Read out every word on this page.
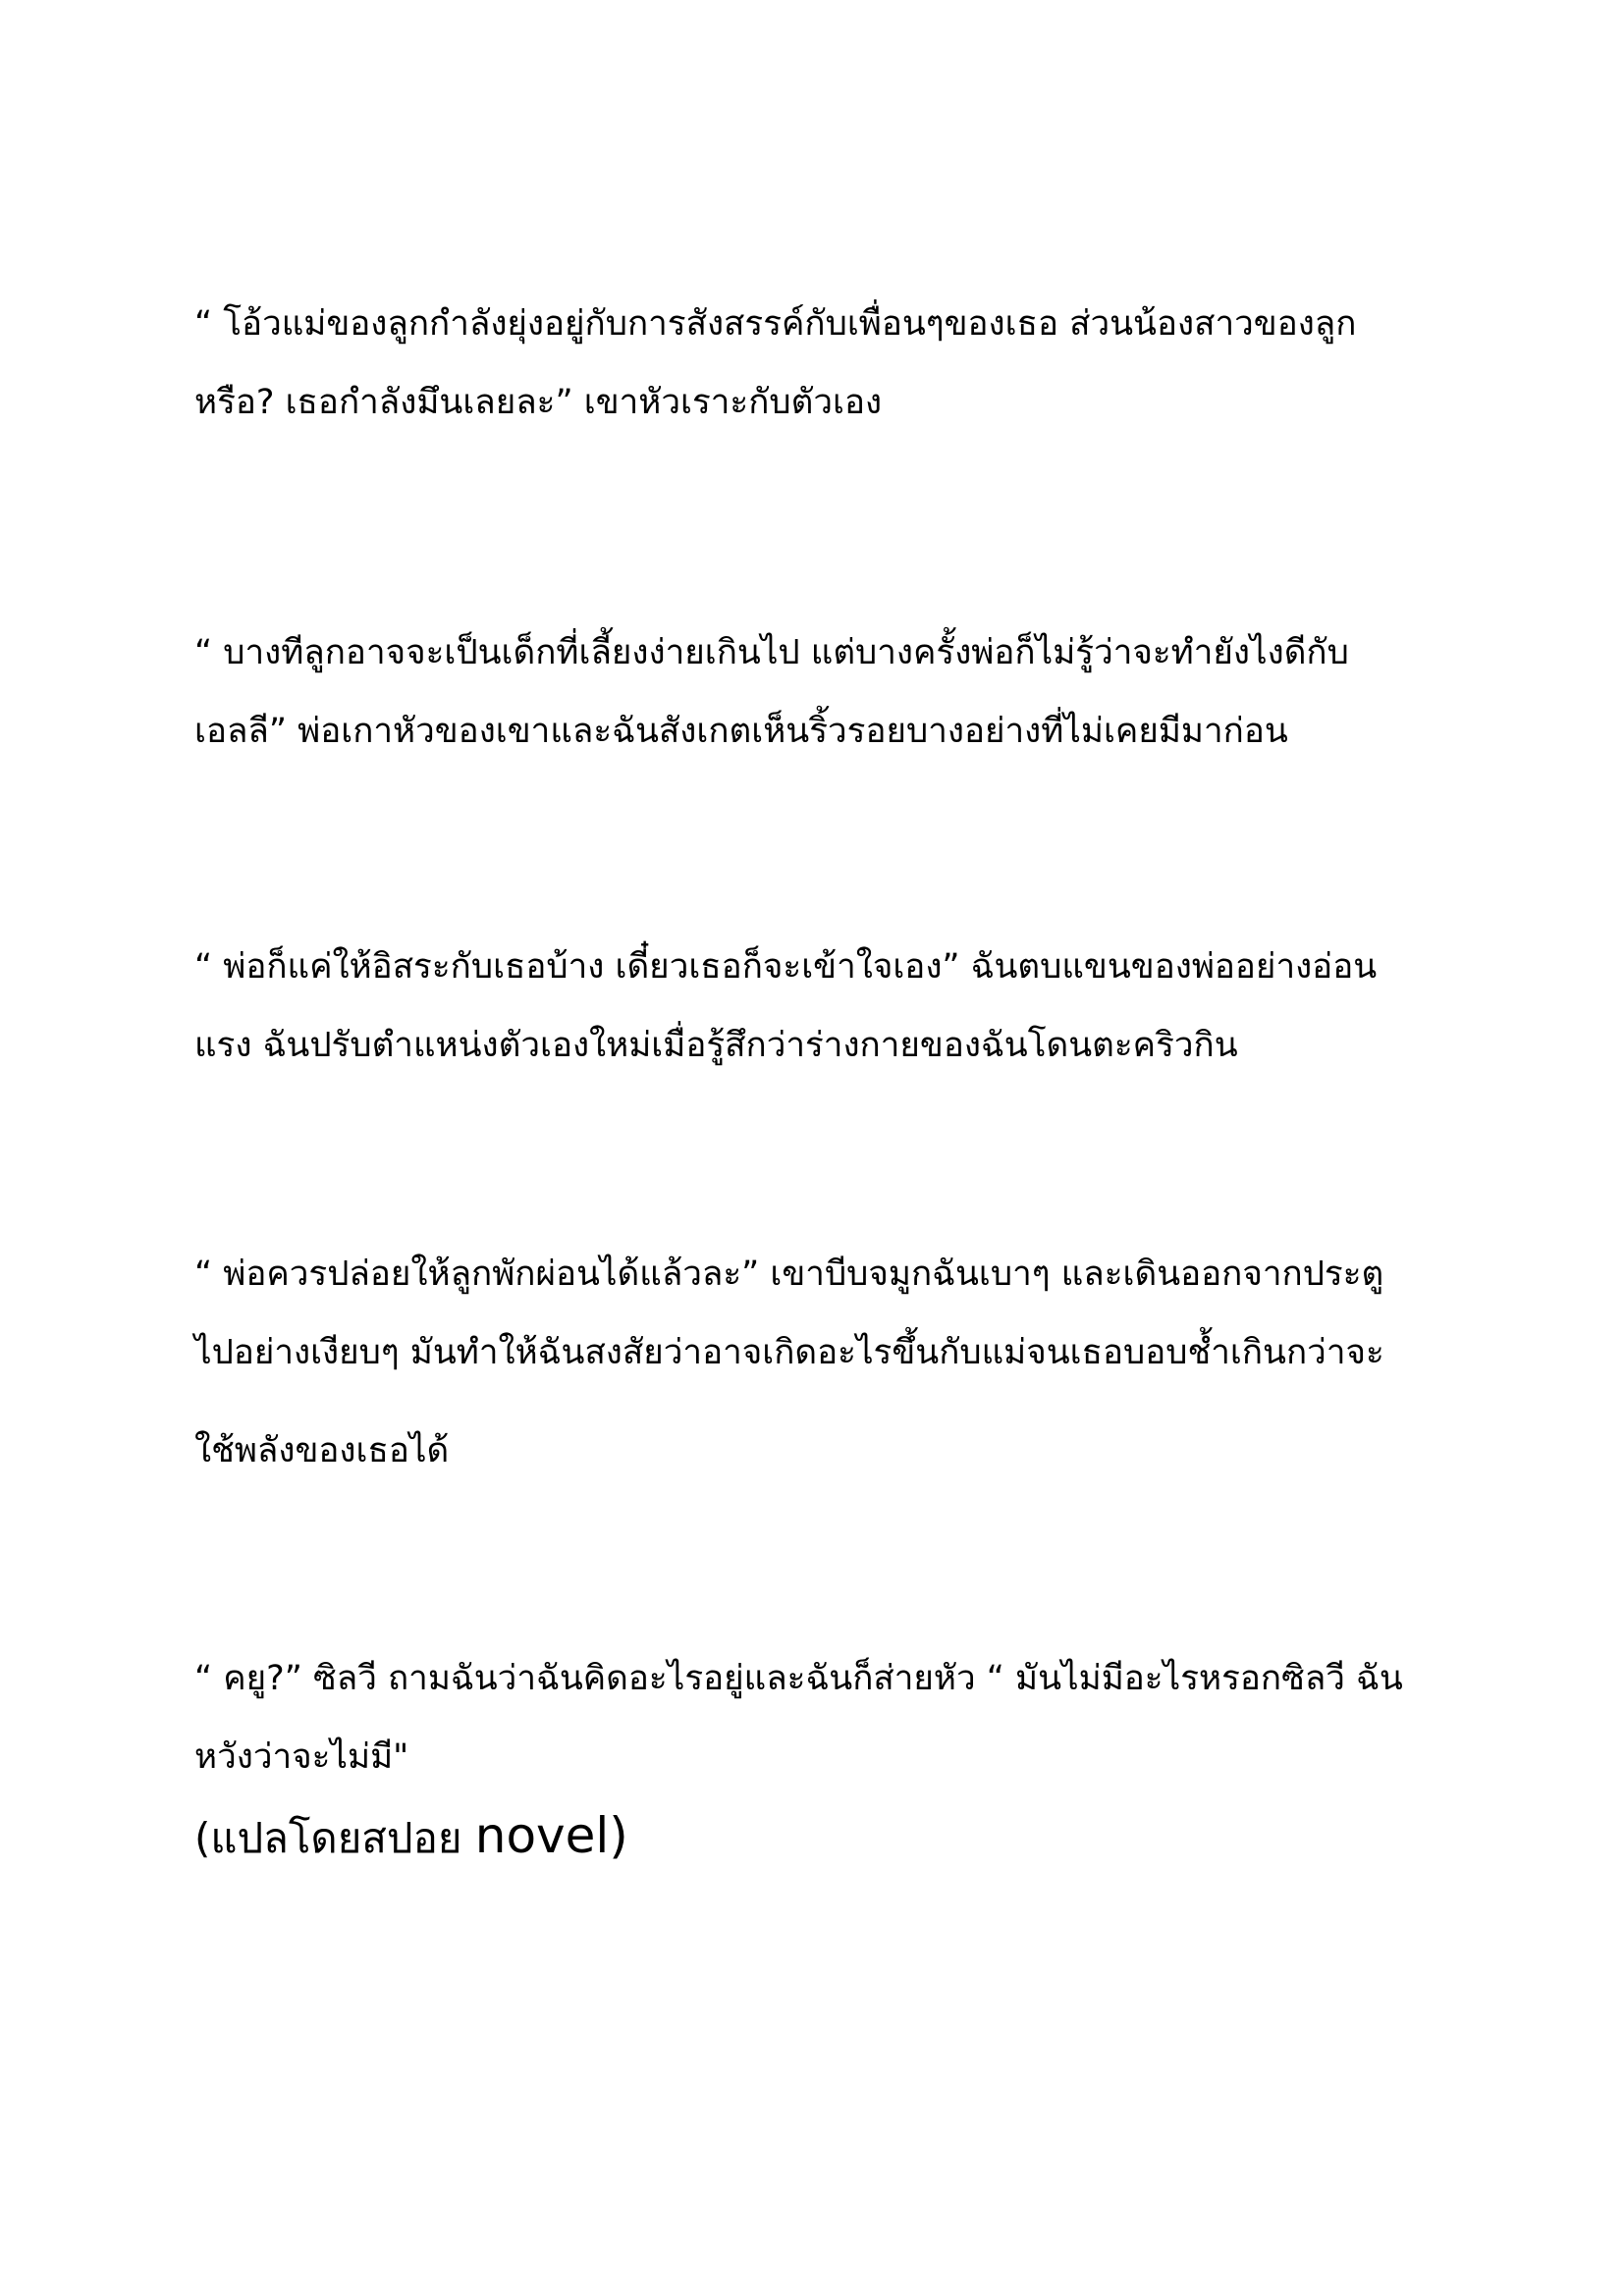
“ โอ้วแม่ของลูกกำลังยุ่งอยู่กับการสังสรรค์กับเพื่อนๆของเธอ ส่วนน้องสาวของลูก
หรือ? เธอกำลังมึนเลยละ” เขาหัวเราะกับตัวเอง
“ บางทีลูกอาจจะเป็นเด็กที่เลี้ยงง่ายเกินไป แต่บางครั้งพ่อก็ไม่รู้ว่าจะทำยังไงดีกับ
เอลลี” พ่อเกาหัวของเขาและฉันสังเกตเห็นริ้วรอยบางอย่างที่ไม่เคยมีมาก่อน
“ พ่อก็แค่ให้อิสระกับเธอบ้าง เดี๋ยวเธอก็จะเข้าใจเอง” ฉันตบแขนของพ่ออย่างอ่อน
แรง ฉันปรับตำแหน่งตัวเองใหม่เมื่อรู้สึกว่าร่างกายของฉันโดนตะคริวกิน
“ พ่อควรปล่อยให้ลูกพักผ่อนได้แล้วละ” เขาบีบจมูกฉันเบาๆ และเดินออกจากประตู
ไปอย่างเงียบๆ มันทำให้ฉันสงสัยว่าอาจเกิดอะไรขึ้นกับแม่จนเธอบอบช้ำเกินกว่าจะ
ใช้พลังของเธอได้
“ คยู?” ซิลวี ถามฉันว่าฉันคิดอะไรอยู่และฉันก็ส่ายหัว “ มันไม่มีอะไรหรอกซิลวี ฉัน
หวังว่าจะไม่มี"
(แปลโดยสปอย novel)
